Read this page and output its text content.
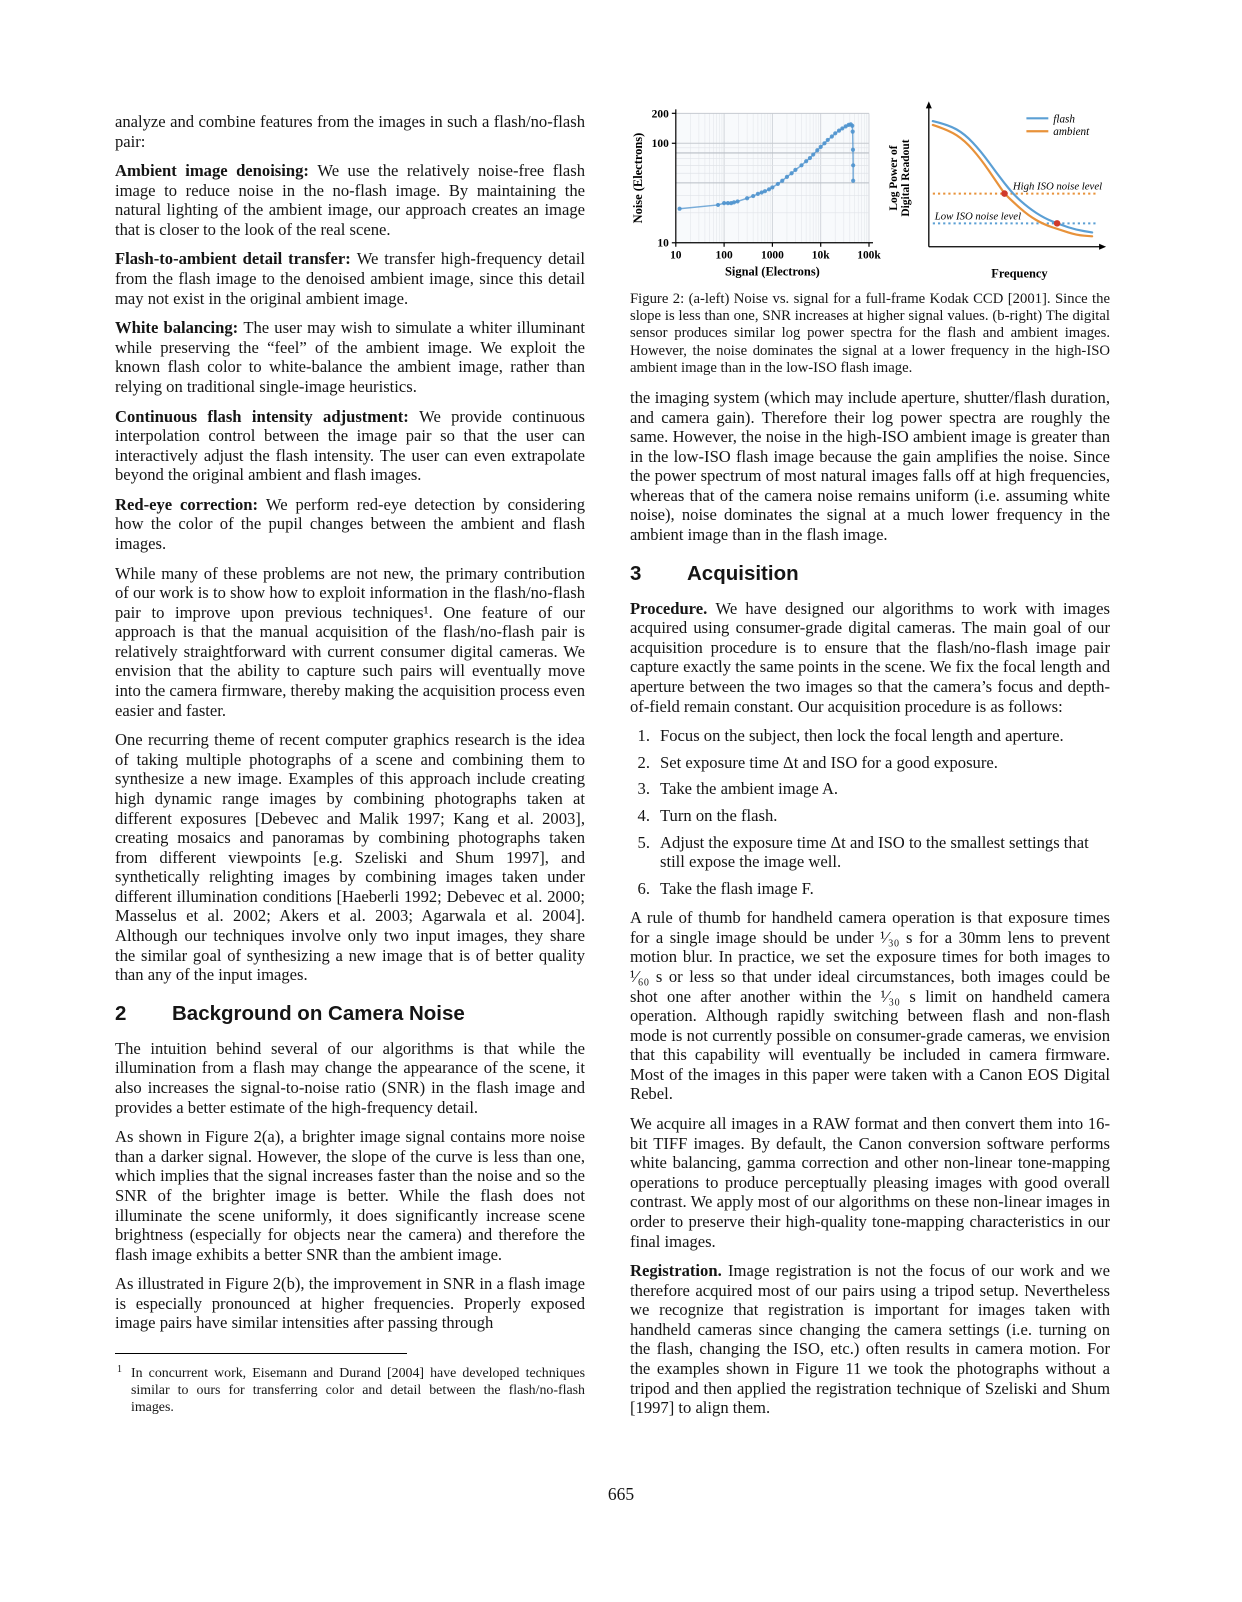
analyze and combine features from the images in such a flash/no-flash pair:

Ambient image denoising: We use the relatively noise-free flash image to reduce noise in the no-flash image. By maintaining the natural lighting of the ambient image, our approach creates an image that is closer to the look of the real scene.

Flash-to-ambient detail transfer: We transfer high-frequency detail from the flash image to the denoised ambient image, since this detail may not exist in the original ambient image.

White balancing: The user may wish to simulate a whiter illuminant while preserving the “feel” of the ambient image. We exploit the known flash color to white-balance the ambient image, rather than relying on traditional single-image heuristics.

Continuous flash intensity adjustment: We provide continuous interpolation control between the image pair so that the user can interactively adjust the flash intensity. The user can even extrapolate beyond the original ambient and flash images.

Red-eye correction: We perform red-eye detection by considering how the color of the pupil changes between the ambient and flash images.

While many of these problems are not new, the primary contribution of our work is to show how to exploit information in the flash/no-flash pair to improve upon previous techniques¹. One feature of our approach is that the manual acquisition of the flash/no-flash pair is relatively straightforward with current consumer digital cameras. We envision that the ability to capture such pairs will eventually move into the camera firmware, thereby making the acquisition process even easier and faster.

One recurring theme of recent computer graphics research is the idea of taking multiple photographs of a scene and combining them to synthesize a new image. Examples of this approach include creating high dynamic range images by combining photographs taken at different exposures [Debevec and Malik 1997; Kang et al. 2003], creating mosaics and panoramas by combining photographs taken from different viewpoints [e.g. Szeliski and Shum 1997], and synthetically relighting images by combining images taken under different illumination conditions [Haeberli 1992; Debevec et al. 2000; Masselus et al. 2002; Akers et al. 2003; Agarwala et al. 2004]. Although our techniques involve only two input images, they share the similar goal of synthesizing a new image that is of better quality than any of the input images.

2	Background on Camera Noise

The intuition behind several of our algorithms is that while the illumination from a flash may change the appearance of the scene, it also increases the signal-to-noise ratio (SNR) in the flash image and provides a better estimate of the high-frequency detail.

As shown in Figure 2(a), a brighter image signal contains more noise than a darker signal. However, the slope of the curve is less than one, which implies that the signal increases faster than the noise and so the SNR of the brighter image is better. While the flash does not illuminate the scene uniformly, it does significantly increase scene brightness (especially for objects near the camera) and therefore the flash image exhibits a better SNR than the ambient image.

As illustrated in Figure 2(b), the improvement in SNR in a flash image is especially pronounced at higher frequencies. Properly exposed image pairs have similar intensities after passing through

1 In concurrent work, Eisemann and Durand [2004] have developed techniques similar to ours for transferring color and detail between the flash/no-flash images.
10
100
200
10	100 1000 10k 100k
Signal (Electrons)
Noise (Electrons)	High ISO noise level
Low ISO noise level
flash
ambient
Frequency
Log Power ofDigital Readout

Figure 2: (a-left) Noise vs. signal for a full-frame Kodak CCD [2001]. Since the slope is less than one, SNR increases at higher signal values. (b-right) The digital sensor produces similar log power spectra for the flash and ambient images. However, the noise dominates the signal at a lower frequency in the high-ISO ambient image than in the low-ISO flash image.

the imaging system (which may include aperture, shutter/flash duration, and camera gain). Therefore their log power spectra are roughly the same. However, the noise in the high-ISO ambient image is greater than in the low-ISO flash image because the gain amplifies the noise. Since the power spectrum of most natural images falls off at high frequencies, whereas that of the camera noise remains uniform (i.e. assuming white noise), noise dominates the signal at a much lower frequency in the ambient image than in the flash image.

3	Acquisition

Procedure. We have designed our algorithms to work with images acquired using consumer-grade digital cameras. The main goal of our acquisition procedure is to ensure that the flash/no-flash image pair capture exactly the same points in the scene. We fix the focal length and aperture between the two images so that the camera’s focus and depth-of-field remain constant. Our acquisition procedure is as follows:

1. Focus on the subject, then lock the focal length and aperture.
2. Set exposure time Δt and ISO for a good exposure.
3. Take the ambient image A.
4. Turn on the flash.
5. Adjust the exposure time Δt and ISO to the smallest settings that still expose the image well.
6. Take the flash image F.

A rule of thumb for handheld camera operation is that exposure times for a single image should be under ¹⁄₃₀ s for a 30mm lens to prevent motion blur. In practice, we set the exposure times for both images to ¹⁄₆₀ s or less so that under ideal circumstances, both images could be shot one after another within the ¹⁄₃₀ s limit on handheld camera operation. Although rapidly switching between flash and non-flash mode is not currently possible on consumer-grade cameras, we envision that this capability will eventually be included in camera firmware. Most of the images in this paper were taken with a Canon EOS Digital Rebel.

We acquire all images in a RAW format and then convert them into 16-bit TIFF images. By default, the Canon conversion software performs white balancing, gamma correction and other non-linear tone-mapping operations to produce perceptually pleasing images with good overall contrast. We apply most of our algorithms on these non-linear images in order to preserve their high-quality tone-mapping characteristics in our final images.

Registration. Image registration is not the focus of our work and we therefore acquired most of our pairs using a tripod setup. Nevertheless we recognize that registration is important for images taken with handheld cameras since changing the camera settings (i.e. turning on the flash, changing the ISO, etc.) often results in camera motion. For the examples shown in Figure 11 we took the photographs without a tripod and then applied the registration technique of Szeliski and Shum [1997] to align them.

665
